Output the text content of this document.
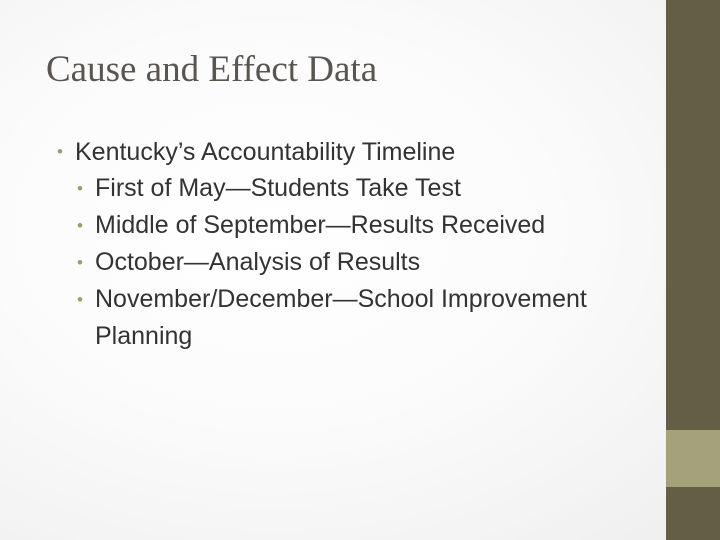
Cause and Effect Data
• Kentucky’s Accountability Timeline
• First of May—Students Take Test
• Middle of September—Results Received
• October—Analysis of Results
• November/December—School Improvement Planning
